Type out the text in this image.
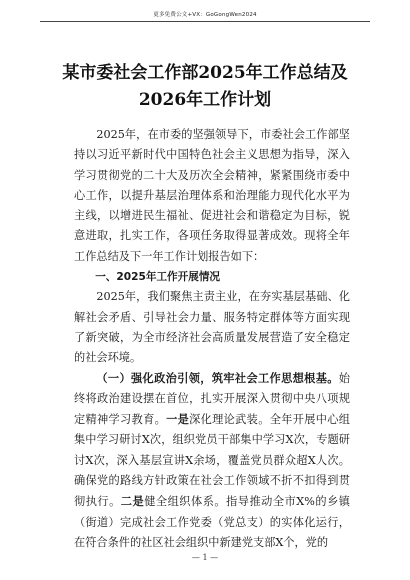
更多免费公文+VX：GoGongWen2024
某市委社会工作部2025年工作总结及
2026年工作计划

2025年，在市委的坚强领导下，市委社会工作部坚持以习近平新时代中国特色社会主义思想为指导，深入学习贯彻党的二十大及历次全会精神，紧紧围绕市委中心工作，以提升基层治理体系和治理能力现代化水平为主线，以增进民生福祉、促进社会和谐稳定为目标，锐意进取，扎实工作，各项任务取得显著成效。现将全年工作总结及下一年工作计划报告如下：

一、2025年工作开展情况

2025年，我们聚焦主责主业，在夯实基层基础、化解社会矛盾、引导社会力量、服务特定群体等方面实现了新突破，为全市经济社会高质量发展营造了安全稳定的社会环境。

（一）强化政治引领，筑牢社会工作思想根基。始终将政治建设摆在首位，扎实开展深入贯彻中央八项规定精神学习教育。一是深化理论武装。全年开展中心组集中学习研讨X次，组织党员干部集中学习X次，专题研讨X次，深入基层宣讲X余场，覆盖党员群众超X人次。确保党的路线方针政策在社会工作领域不折不扣得到贯彻执行。二是健全组织体系。指导推动全市X%的乡镇（街道）完成社会工作党委（党总支）的实体化运行，在符合条件的社区社会组织中新建党支部X个，党的

— 1 —
